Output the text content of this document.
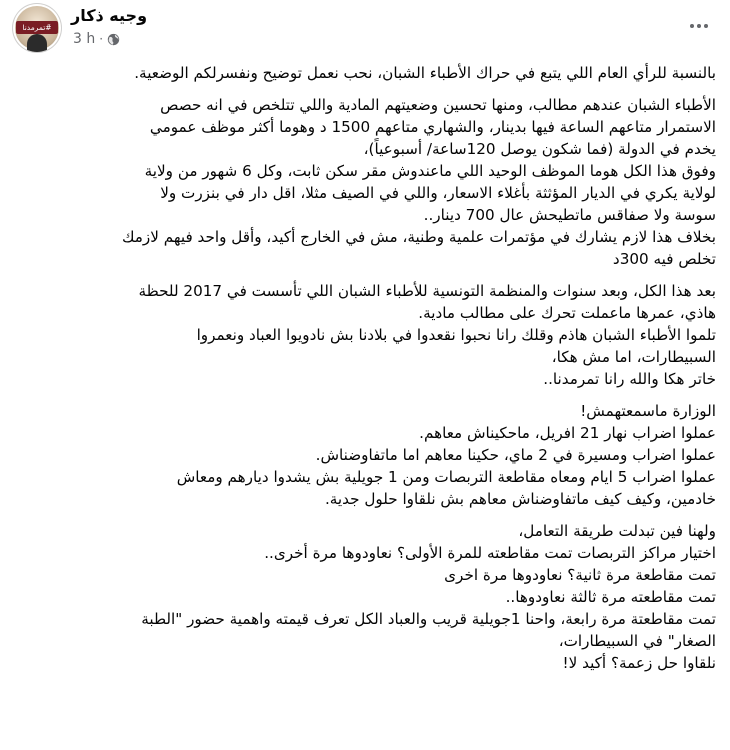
#تمرمدنا
وجيه ذكار
3 h ·
بالنسبة للرأي العام اللي يتبع في حراك الأطباء الشبان، نحب نعمل توضيح ونفسرلكم الوضعية.
الأطباء الشبان عندهم مطالب، ومنها تحسين وضعيتهم المادية واللي تتلخص في انه حصص
الاستمرار متاعهم الساعة فيها بدينار، والشهاري متاعهم 1500 د وهوما أكثر موظف عمومي
يخدم في الدولة (فما شكون يوصل 120ساعة/ أسبوعياً)،
وفوق هذا الكل هوما الموظف الوحيد اللي ماعندوش مقر سكن ثابت، وكل 6 شهور من ولاية
لولاية يكري في الديار المؤثثة بأغلاء الاسعار، واللي في الصيف مثلا، اقل دار في بنزرت ولا
سوسة ولا صفاقس ماتطيحش عال 700 دينار..
بخلاف هذا لازم يشارك في مؤتمرات علمية وطنية، مش في الخارج أكيد، وأقل واحد فيهم لازمك
تخلص فيه 300د
بعد هذا الكل، وبعد سنوات والمنظمة التونسية للأطباء الشبان اللي تأسست في 2017 للحظة
هاذي، عمرها ماعملت تحرك على مطالب مادية.
تلموا الأطباء الشبان هاذم وقلك رانا نحبوا نقعدوا في بلادنا بش نادويوا العباد ونعمروا
السبيطارات، اما مش هكا،
خاتر هكا والله رانا تمرمدنا..
الوزارة ماسمعتهمش!
عملوا اضراب نهار 21 افريل، ماحكيناش معاهم.
عملوا اضراب ومسيرة في 2 ماي، حكينا معاهم اما ماتفاوضناش.
عملوا اضراب 5 ايام ومعاه مقاطعة التربصات ومن 1 جويلية بش يشدوا ديارهم ومعاش
خادمين، وكيف كيف ماتفاوضناش معاهم بش نلقاوا حلول جدية.
ولهنا فين تبدلت طريقة التعامل،
اختيار مراكز التربصات تمت مقاطعته للمرة الأولى؟ نعاودوها مرة أخرى..
تمت مقاطعة مرة ثانية؟ نعاودوها مرة اخرى
تمت مقاطعته مرة ثالثة نعاودوها..
تمت مقاطعتة مرة رابعة، واحنا 1جويلية قريب والعباد الكل تعرف قيمته واهمية حضور "الطبة
الصغار" في السبيطارات،
نلقاوا حل زعمة؟ أكيد لا!
